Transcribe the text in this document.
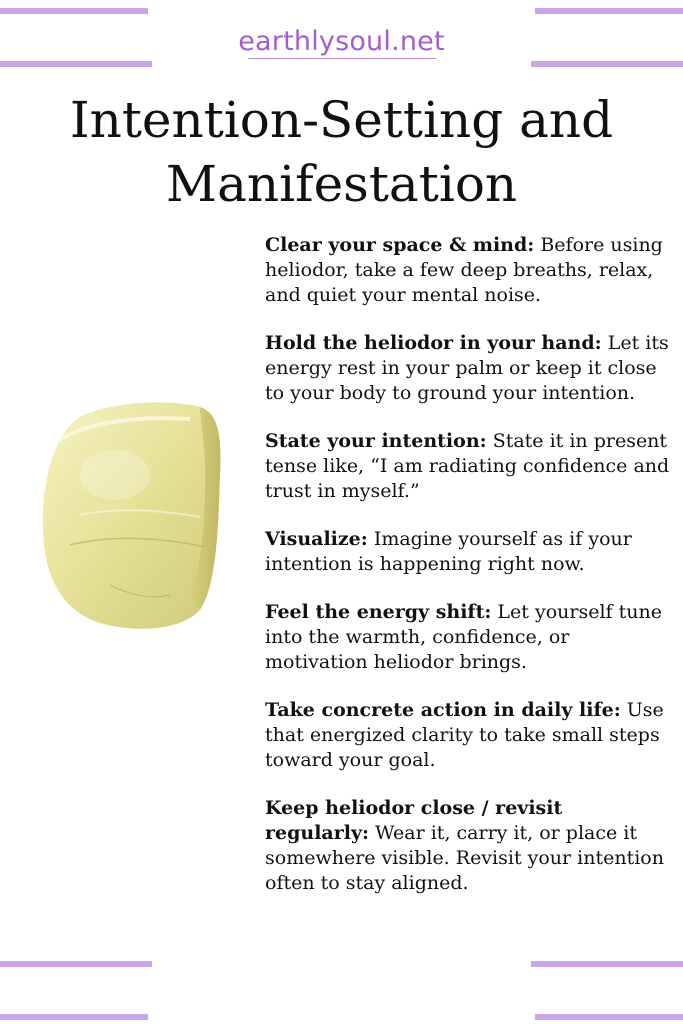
earthlysoul.net
Intention-Setting and
Manifestation

Clear your space & mind: Before using heliodor, take a few deep breaths, relax, and quiet your mental noise.

Hold the heliodor in your hand: Let its energy rest in your palm or keep it close to your body to ground your intention.

State your intention: State it in present tense like, “I am radiating confidence and trust in myself.”

Visualize: Imagine yourself as if your intention is happening right now.

Feel the energy shift: Let yourself tune into the warmth, confidence, or motivation heliodor brings.

Take concrete action in daily life: Use that energized clarity to take small steps toward your goal.

Keep heliodor close / revisit regularly: Wear it, carry it, or place it somewhere visible. Revisit your intention often to stay aligned.
